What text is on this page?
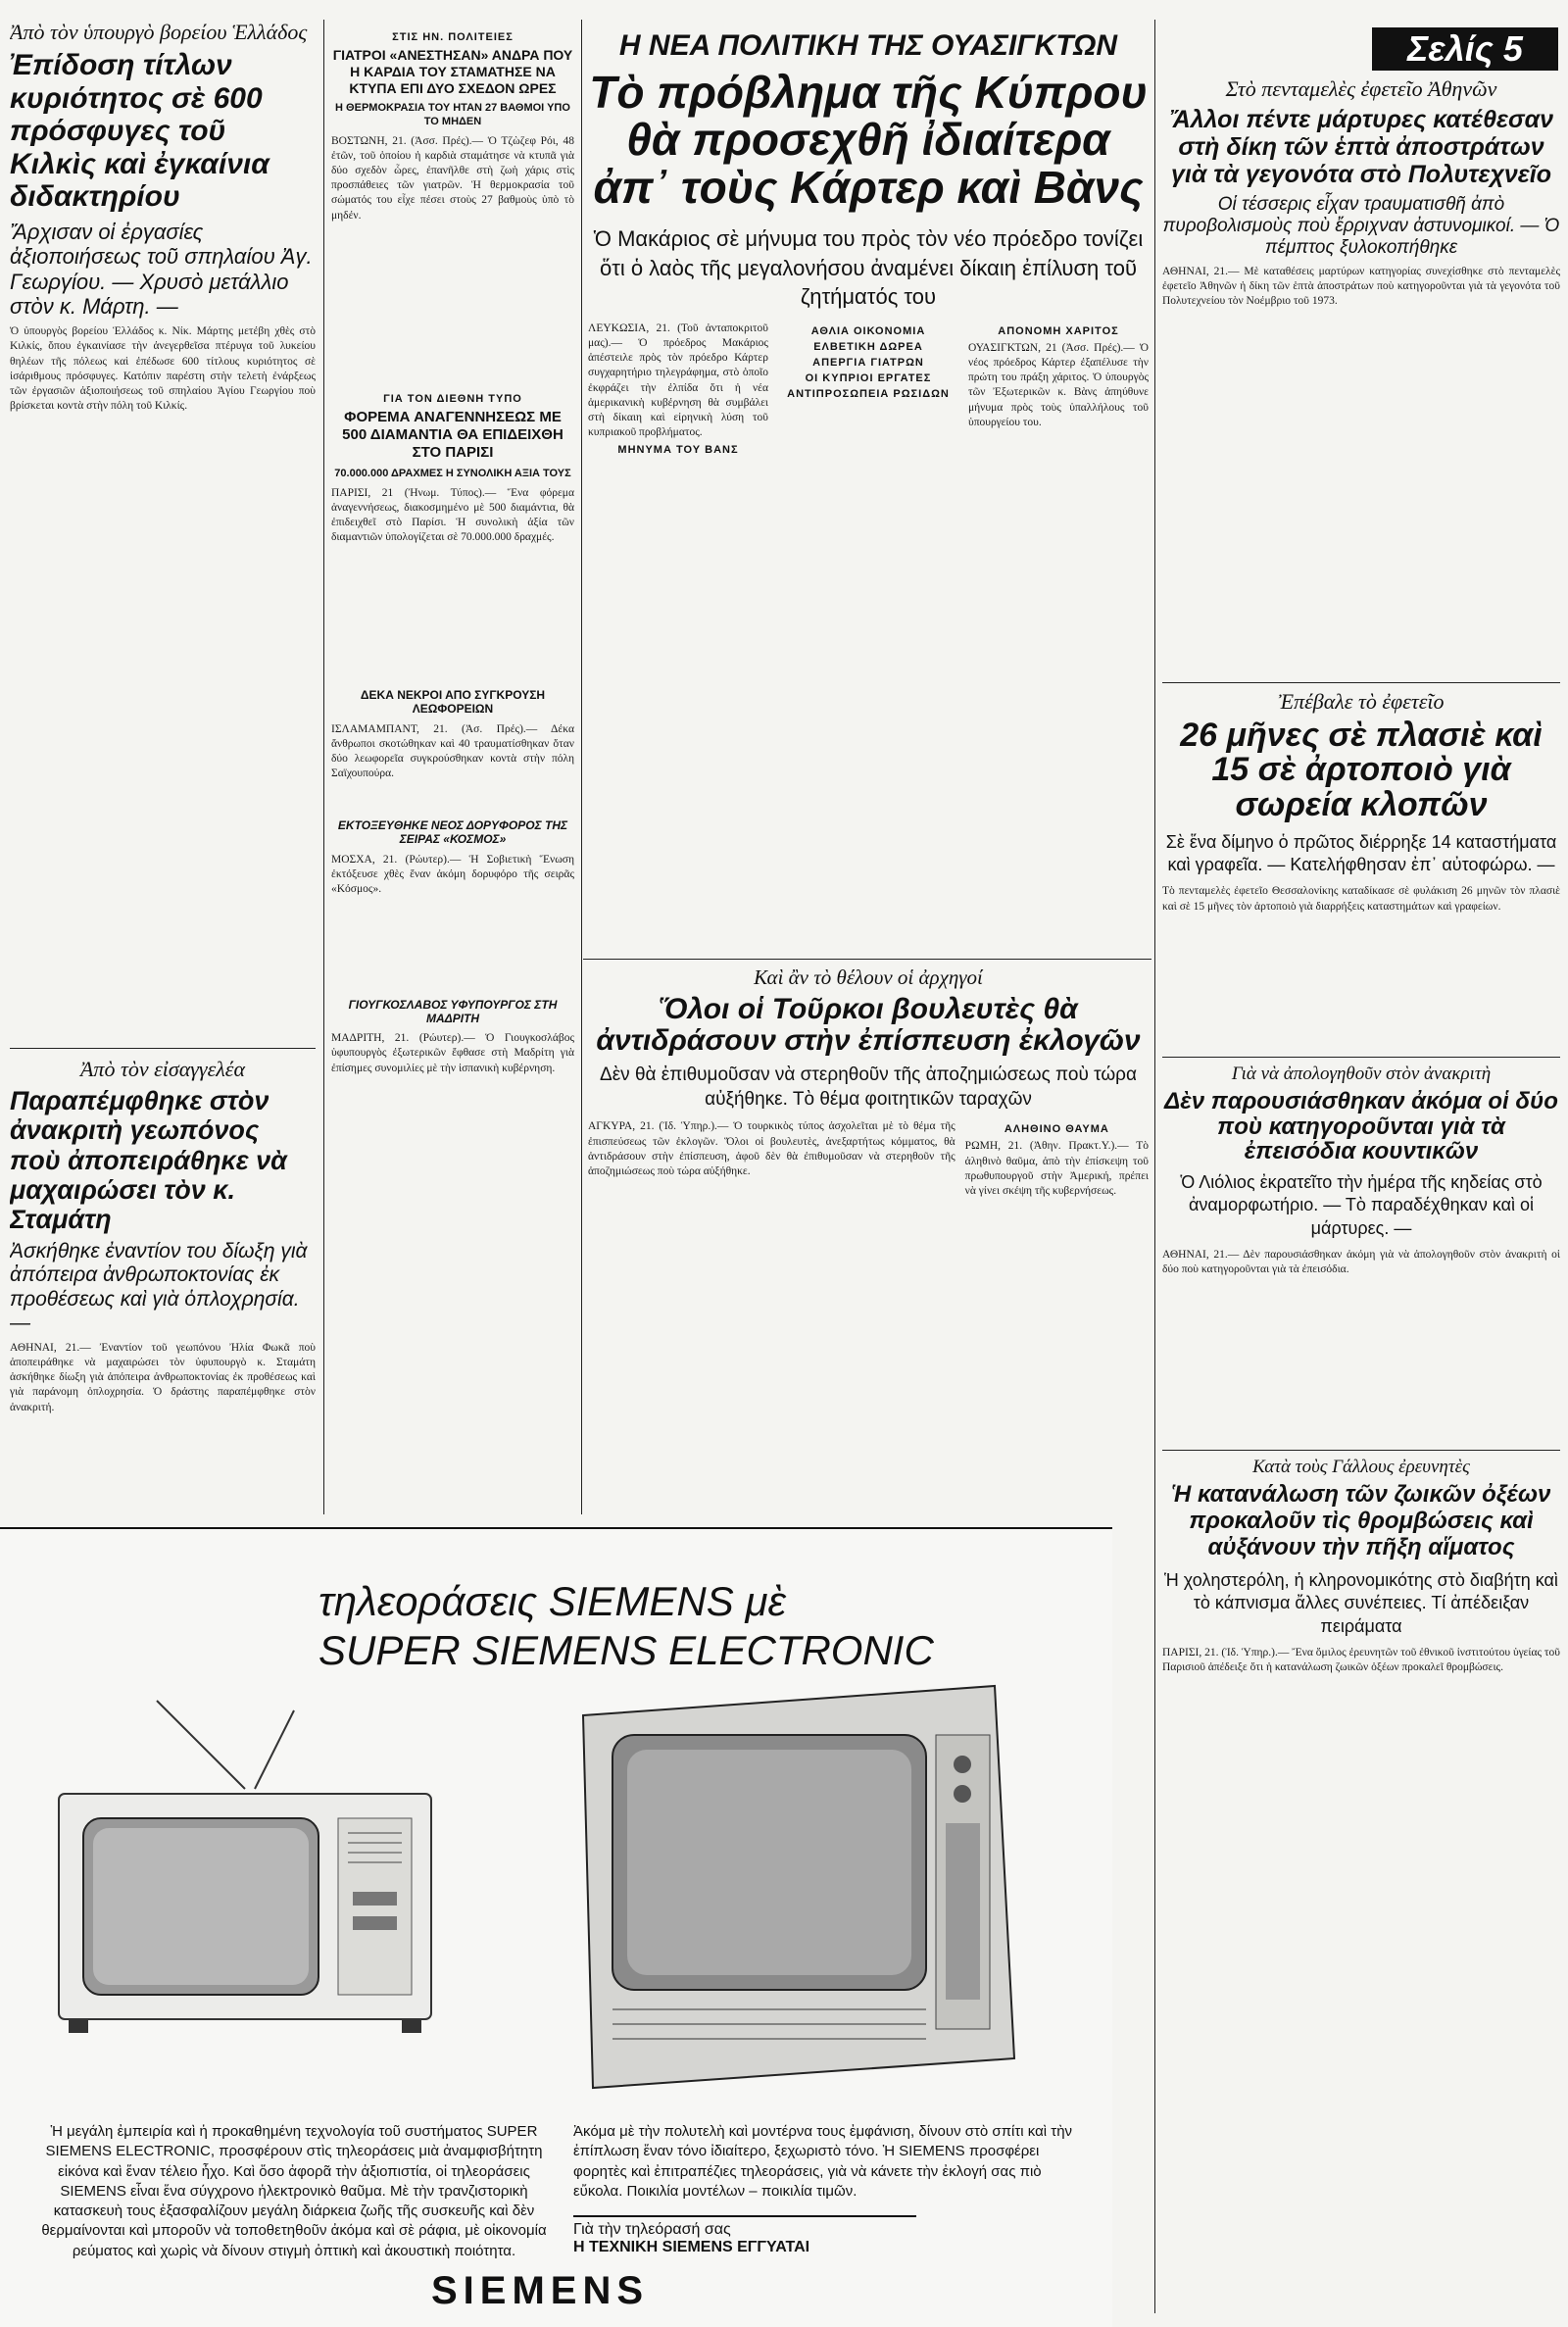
Σελίς 5

Ἀπὸ τὸν ὑπουργὸ βορείου Ἑλλάδος

Ἐπίδοση τίτλων κυριότητος σὲ 600 πρόσφυγες τοῦ Κιλκὶς καὶ ἐγκαίνια διδακτηρίου

Ἄρχισαν οἱ ἐργασίες ἀξιοποιήσεως τοῦ σπηλαίου Ἀγ. Γεωργίου. — Χρυσὸ μετάλλιο στὸν κ. Μάρτη. —

Ὁ ὑπουργὸς βορείου Ἑλλάδος κ. Νίκ. Μάρτης μετέβη χθὲς στὸ Κιλκίς, ὅπου ἐγκαινίασε τὴν ἀνεγερθεῖσα πτέρυγα τοῦ λυκείου θηλέων τῆς πόλεως καὶ ἐπέδωσε 600 τίτλους κυριότητος σὲ ἰσάριθμους πρόσφυγες. Κατόπιν παρέστη στὴν τελετὴ ἐνάρξεως τῶν ἐργασιῶν ἀξιοποιήσεως τοῦ σπηλαίου Ἁγίου Γεωργίου ποὺ βρίσκεται κοντὰ στὴν πόλη τοῦ Κιλκίς.

Ἀπὸ τὸν εἰσαγγελέα

Παραπέμφθηκε στὸν ἀνακριτὴ γεωπόνος ποὺ ἀποπειράθηκε νὰ μαχαιρώσει τὸν κ. Σταμάτη

Ἀσκήθηκε ἐναντίον του δίωξη γιὰ ἀπόπειρα ἀνθρωποκτονίας ἐκ προθέσεως καὶ γιὰ ὁπλοχρησία. —

ΑΘΗΝΑΙ, 21.— Ἐναντίον τοῦ γεωπόνου Ἠλία Φωκᾶ ποὺ ἀποπειράθηκε νὰ μαχαιρώσει τὸν ὑφυπουργὸ κ. Σταμάτη ἀσκήθηκε δίωξη γιὰ ἀπόπειρα ἀνθρωποκτονίας ἐκ προθέσεως καὶ γιὰ παράνομη ὁπλοχρησία. Ὁ δράστης παραπέμφθηκε στὸν ἀνακριτή.

ΣΤΙΣ ΗΝ. ΠΟΛΙΤΕΙΕΣ

ΓΙΑΤΡΟΙ «ΑΝΕΣΤΗΣΑΝ» ΑΝΔΡΑ ΠΟΥ Η ΚΑΡΔΙΑ ΤΟΥ ΣΤΑΜΑΤΗΣΕ ΝΑ ΚΤΥΠΑ ΕΠΙ ΔΥΟ ΣΧΕΔΟΝ ΩΡΕΣ

Η ΘΕΡΜΟΚΡΑΣΙΑ ΤΟΥ ΗΤΑΝ 27 ΒΑΘΜΟΙ ΥΠΟ ΤΟ ΜΗΔΕΝ

ΒΟΣΤΩΝΗ, 21. (Ἀσσ. Πρές).— Ὁ Τζὼζεφ Ρόι, 48 ἐτῶν, τοῦ ὁποίου ἡ καρδιὰ σταμάτησε νὰ κτυπᾶ γιὰ δύο σχεδὸν ὧρες, ἐπανῆλθε στὴ ζωὴ χάρις στὶς προσπάθειες τῶν γιατρῶν. Ἡ θερμοκρασία τοῦ σώματός του εἶχε πέσει στοὺς 27 βαθμοὺς ὑπὸ τὸ μηδέν.

ΓΙΑ ΤΟΝ ΔΙΕΘΝΗ ΤΥΠΟ

ΦΟΡΕΜΑ ΑΝΑΓΕΝΝΗΣΕΩΣ ΜΕ 500 ΔΙΑΜΑΝΤΙΑ ΘΑ ΕΠΙΔΕΙΧΘΗ ΣΤΟ ΠΑΡΙΣΙ

70.000.000 ΔΡΑΧΜΕΣ Η ΣΥΝΟΛΙΚΗ ΑΞΙΑ ΤΟΥΣ

ΠΑΡΙΣΙ, 21 (Ἠνωμ. Τύπος).— Ἕνα φόρεμα ἀναγεννήσεως, διακοσμημένο μὲ 500 διαμάντια, θὰ ἐπιδειχθεῖ στὸ Παρίσι. Ἡ συνολικὴ ἀξία τῶν διαμαντιῶν ὑπολογίζεται σὲ 70.000.000 δραχμές.

ΔΕΚΑ ΝΕΚΡΟΙ ΑΠΟ ΣΥΓΚΡΟΥΣΗ ΛΕΩΦΟΡΕΙΩΝ

ΙΣΛΑΜΑΜΠΑΝΤ, 21. (Ἀσ. Πρές).— Δέκα ἄνθρωποι σκοτώθηκαν καὶ 40 τραυματίσθηκαν ὅταν δύο λεωφορεῖα συγκρούσθηκαν κοντὰ στὴν πόλη Σαϊχουπούρα.

ΕΚΤΟΞΕΥΘΗΚΕ ΝΕΟΣ ΔΟΡΥΦΟΡΟΣ ΤΗΣ ΣΕΙΡΑΣ «ΚΟΣΜΟΣ»

ΜΟΣΧΑ, 21. (Ρώυτερ).— Ἡ Σοβιετικὴ Ἕνωση ἐκτόξευσε χθὲς ἕναν ἀκόμη δορυφόρο τῆς σειρᾶς «Κόσμος».

ΓΙΟΥΓΚΟΣΛΑΒΟΣ ΥΦΥΠΟΥΡΓΟΣ ΣΤΗ ΜΑΔΡΙΤΗ

ΜΑΔΡΙΤΗ, 21. (Ρώυτερ).— Ὁ Γιουγκοσλάβος ὑφυπουργὸς ἐξωτερικῶν ἔφθασε στὴ Μαδρίτη γιὰ ἐπίσημες συνομιλίες μὲ τὴν ἱσπανικὴ κυβέρνηση.

Η ΝΕΑ ΠΟΛΙΤΙΚΗ ΤΗΣ ΟΥΑΣΙΓΚΤΩΝ

Τὸ πρόβλημα τῆς Κύπρου θὰ προσεχθῆ ἰδιαίτερα ἀπ᾿ τοὺς Κάρτερ καὶ Βὰνς

Ὁ Μακάριος σὲ μήνυμα του πρὸς τὸν νέο πρόεδρο τονίζει ὅτι ὁ λαὸς τῆς μεγαλονήσου ἀναμένει δίκαιη ἐπίλυση τοῦ ζητήματός του

ΛΕΥΚΩΣΙΑ, 21. (Τοῦ ἀνταποκριτοῦ μας).— Ὁ πρόεδρος Μακάριος ἀπέστειλε πρὸς τὸν πρόεδρο Κάρτερ συγχαρητήριο τηλεγράφημα, στὸ ὁποῖο ἐκφράζει τὴν ἐλπίδα ὅτι ἡ νέα ἀμερικανικὴ κυβέρνηση θὰ συμβάλει στὴ δίκαιη καὶ εἰρηνικὴ λύση τοῦ κυπριακοῦ προβλήματος.

ΜΗΝΥΜΑ ΤΟΥ ΒΑΝΣ

ΑΘΛΙΑ ΟΙΚΟΝΟΜΙΑ

ΕΛΒΕΤΙΚΗ ΔΩΡΕΑ

ΑΠΕΡΓΙΑ ΓΙΑΤΡΩΝ

ΟΙ ΚΥΠΡΙΟΙ ΕΡΓΑΤΕΣ

ΑΝΤΙΠΡΟΣΩΠΕΙΑ ΡΩΣΙΔΩΝ

ΑΠΟΝΟΜΗ ΧΑΡΙΤΟΣ

ΟΥΑΣΙΓΚΤΩΝ, 21 (Ἀσσ. Πρές).— Ὁ νέος πρόεδρος Κάρτερ ἐξαπέλυσε τὴν πρώτη του πράξη χάριτος. Ὁ ὑπουργὸς τῶν Ἐξωτερικῶν κ. Βὰνς ἀπηύθυνε μήνυμα πρὸς τοὺς ὑπαλλήλους τοῦ ὑπουργείου του.

Καὶ ἂν τὸ θέλουν οἱ ἀρχηγοί

Ὅλοι οἱ Τοῦρκοι βουλευτὲς θὰ ἀντιδράσουν στὴν ἐπίσπευση ἐκλογῶν

Δὲν θὰ ἐπιθυμοῦσαν νὰ στερηθοῦν τῆς ἀποζημιώσεως ποὺ τώρα αὐξήθηκε. Τὸ θέμα φοιτητικῶν ταραχῶν

ΑΓΚΥΡΑ, 21. (Ἰδ. Ὑπηρ.).— Ὁ τουρκικὸς τύπος ἀσχολεῖται μὲ τὸ θέμα τῆς ἐπισπεύσεως τῶν ἐκλογῶν. Ὅλοι οἱ βουλευτὲς, ἀνεξαρτήτως κόμματος, θὰ ἀντιδράσουν στὴν ἐπίσπευση, ἀφοῦ δὲν θὰ ἐπιθυμοῦσαν νὰ στερηθοῦν τῆς ἀποζημιώσεως ποὺ τώρα αὐξήθηκε.

ΑΛΗΘΙΝΟ ΘΑΥΜΑ

ΡΩΜΗ, 21. (Ἀθην. Πρακτ.Υ.).— Τὸ ἀληθινὸ θαῦμα, ἀπὸ τὴν ἐπίσκεψη τοῦ πρωθυπουργοῦ στὴν Ἀμερική, πρέπει νὰ γίνει σκέψη τῆς κυβερνήσεως.

Στὸ πενταμελὲς ἐφετεῖο Ἀθηνῶν

Ἄλλοι πέντε μάρτυρες κατέθεσαν στὴ δίκη τῶν ἑπτὰ ἀποστράτων γιὰ τὰ γεγονότα στὸ Πολυτεχνεῖο

Οἱ τέσσερις εἶχαν τραυματισθῆ ἀπὸ πυροβολισμοὺς ποὺ ἔρριχναν ἀστυνομικοί. — Ὁ πέμπτος ξυλοκοπήθηκε

ΑΘΗΝΑΙ, 21.— Μὲ καταθέσεις μαρτύρων κατηγορίας συνεχίσθηκε στὸ πενταμελὲς ἐφετεῖο Ἀθηνῶν ἡ δίκη τῶν ἑπτὰ ἀποστράτων ποὺ κατηγοροῦνται γιὰ τὰ γεγονότα τοῦ Πολυτεχνείου τὸν Νοέμβριο τοῦ 1973.

Ἐπέβαλε τὸ ἐφετεῖο

26 μῆνες σὲ πλασιὲ καὶ 15 σὲ ἀρτοποιὸ γιὰ σωρεία κλοπῶν

Σὲ ἕνα δίμηνο ὁ πρῶτος διέρρηξε 14 καταστήματα καὶ γραφεῖα. — Κατελήφθησαν ἐπ᾿ αὐτοφώρω. —

Τὸ πενταμελὲς ἐφετεῖο Θεσσαλονίκης καταδίκασε σὲ φυλάκιση 26 μηνῶν τὸν πλασιὲ καὶ σὲ 15 μῆνες τὸν ἀρτοποιὸ γιὰ διαρρήξεις καταστημάτων καὶ γραφείων.

Γιὰ νὰ ἀπολογηθοῦν στὸν ἀνακριτὴ

Δὲν παρουσιάσθηκαν ἀκόμα οἱ δύο ποὺ κατηγοροῦνται γιὰ τὰ ἐπεισόδια κουντικῶν

Ὁ Λιόλιος ἐκρατεῖτο τὴν ἡμέρα τῆς κηδείας στὸ ἀναμορφωτήριο. — Τὸ παραδέχθηκαν καὶ οἱ μάρτυρες. —

ΑΘΗΝΑΙ, 21.— Δὲν παρουσιάσθηκαν ἀκόμη γιὰ νὰ ἀπολογηθοῦν στὸν ἀνακριτὴ οἱ δύο ποὺ κατηγοροῦνται γιὰ τὰ ἐπεισόδια.

Κατὰ τοὺς Γάλλους ἐρευνητὲς

Ἡ κατανάλωση τῶν ζωικῶν ὀξέων προκαλοῦν τὶς θρομβώσεις καὶ αὐξάνουν τὴν πῆξη αἵματος

Ἡ χοληστερόλη, ἡ κληρονομικότης στὸ διαβήτη καὶ τὸ κάπνισμα ἄλλες συνέπειες. Τί ἀπέδειξαν πειράματα

ΠΑΡΙΣΙ, 21. (Ἰδ. Ὑπηρ.).— Ἔνα ὅμιλος ἐρευνητῶν τοῦ ἐθνικοῦ ἰνστιτούτου ὑγείας τοῦ Παρισιοῦ ἀπέδειξε ὅτι ἡ κατανάλωση ζωικῶν ὀξέων προκαλεῖ θρομβώσεις.

τηλεοράσεις SIEMENS μὲ
SUPER SIEMENS ELECTRONIC

Ἡ μεγάλη ἐμπειρία καὶ ἡ προκαθημένη τεχνολογία τοῦ συστήματος SUPER SIEMENS ELECTRONIC, προσφέρουν στὶς τηλεοράσεις μιὰ ἀναμφισβήτητη εἰκόνα καὶ ἕναν τέλειο ἦχο. Καὶ ὅσο ἀφορᾶ τὴν ἀξιοπιστία, οἱ τηλεοράσεις SIEMENS εἶναι ἕνα σύγχρονο ἠλεκτρονικὸ θαῦμα. Μὲ τὴν τρανζιστορικὴ κατασκευὴ τους ἐξασφαλίζουν μεγάλη διάρκεια ζωῆς τῆς συσκευῆς καὶ δὲν θερμαίνονται καὶ μποροῦν νὰ τοποθετηθοῦν ἀκόμα καὶ σὲ ράφια, μὲ οἰκονομία ρεύματος καὶ χωρὶς νὰ δίνουν στιγμὴ ὀπτικὴ καὶ ἀκουστικὴ ποιότητα.

Ἀκόμα μὲ τὴν πολυτελὴ καὶ μοντέρνα τους ἐμφάνιση, δίνουν στὸ σπίτι καὶ τὴν ἐπίπλωση ἕναν τόνο ἰδιαίτερο, ξεχωριστὸ τόνο. Ἡ SIEMENS προσφέρει φορητὲς καὶ ἐπιτραπέζιες τηλεοράσεις, γιὰ νὰ κάνετε τὴν ἐκλογή σας πιὸ εὔκολα. Ποικιλία μοντέλων – ποικιλία τιμῶν.

Γιὰ τὴν τηλεόρασή σας
Η ΤΕΧΝΙΚΗ SIEMENS ΕΓΓΥΑΤΑΙ
SIEMENS
